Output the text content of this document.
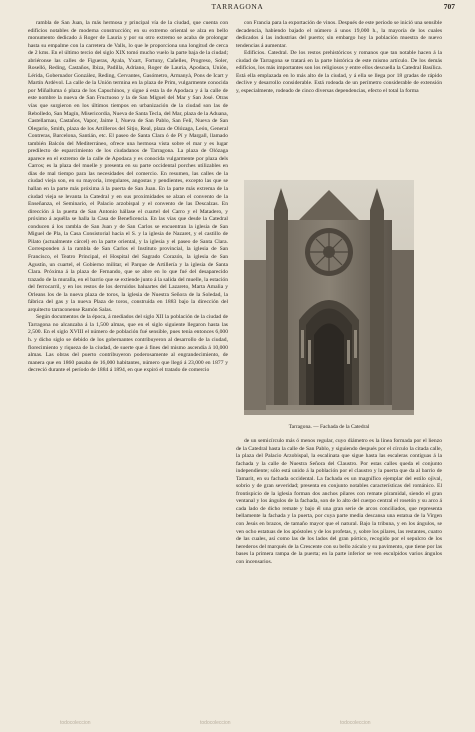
TARRAGONA	707

rambla de San Juan, la más hermosa y principal vía de la ciudad, que cuenta con edificios notables de moderna construcción; en su extremo oriental se alza en bello monumento dedicado á Roger de Lauria y por su otro extremo se acaba de prolongar hasta su empalme con la carretera de Valls, lo que le proporciona una longitud de cerca de 2 kms. En el último tercio del siglo XIX tomó mucho vuelo la parte baja de la ciudad; abriéronse las calles de Figueras, Ayala, Yxart, Fortuny, Cañelles, Progreso, Soler, Roselló, Reding, Castaños, Ibiza, Padilla, Adriano, Roger de Lauria, Apodaca, Unión, Lérida, Gobernador González, Reding, Cervantes, Gasómetro, Armanyà, Pons de Icart y Martín Ardèvol. La calle de la Unión termina en la plaza de Prim, vulgarmente conocida por Miñalluma ó plaza de los Capuchinos, y sigue á esta la de Apodaca y á la calle de este nombre la nueva de San Fructuoso y la de San Miguel del Mar y San José. Otras vías que surgieron en los últimos tiempos en urbanización de la ciudad son las de Rebolledo, San Magín, Misericordia, Nueva de Santa Tecla, del Mar, plaza de la Aduana, Castellarnau, Castaños, Vapor, Jaime I, Nueva de San Pablo, San Felí, Nueva de San Olegario, Smith, plaza de los Artilleros del Sitjo, Real, plaza de Olózaga, León, General Contreras, Barcelona, Santián, etc. El paseo de Santa Clara ó de Pí y Margall, llamado también Balcón del Mediterráneo, ofrece una hermosa vista sobre el mar y es lugar predilecto de esparcimiento de los ciudadanos de Tarragona. La plaza de Olózaga aparece en el extremo de la calle de Apodaca y es conocida vulgarmente por plaza dels Carros; es la plaza del muelle y presenta en su parte occidental porches utilizables en días de mal tiempo para las necesidades del comercio. En resumen, las calles de la ciudad vieja son, en su mayoría, irregulares, angostas y pendientes, excepto las que se hallan en la parte más próxima á la puerta de San Juan. En la parte más extrema de la ciudad vieja se levanta la Catedral y en sus proximidades se alzan el convento de la Enseñanza, el Seminario, el Palacio arzobispal y el convento de las Descalzas. En dirección á la puerta de San Antonio hállase el cuartel del Carro y el Matadero, y próximo á aquélla se halla la Casa de Beneficencia. En las vías que desde la Catedral conducen á los rambla de San Juan y de San Carlos se encuentran la iglesia de San Miguel de Pla, la Casa Consistorial hacia el S. y la iglesia de Nazaret, y el castillo de Pilato (actualmente cárcel) en la parte oriental, y la iglesia y el paseo de Santa Clara. Corresponden á la rambla de San Carlos el Instituto provincial, la iglesia de San Francisco, el Teatro Principal, el Hospital del Sagrado Corazón, la iglesia de San Agustín, un cuartel, el Gobierno militar, el Parque de Artillería y la iglesia de Santa Clara. Próxima á la plaza de Fernando, que se abre en lo que fué del desaparecido trazado de la muralla, en el barrio que se extiende junto á la salida del muelle, la estación del ferrocarril, y en los restos de los derruidos baluartes del Lazareto, Marta Amalia y Orleans los de la nueva plaza de toros, la iglesia de Nuestra Señora de la Soledad, la fábrica del gas y la nueva Plaza de toros, construída en 1883 bajo la dirección del arquitecto tarraconense Ramón Salas.

Según documentos de la época, á mediados del siglo XII la población de la ciudad de Tarragona no alcanzaba á la 1,500 almas, que en el siglo siguiente llegaron hasta las 2,500. En el siglo XVIII el número de población fué sensible, pues tenía entonces 6,000 h. y dicho siglo se debido de los gobernantes contribuyeron al desarrollo de la ciudad, florecimiento y riqueza de la ciudad, de suerte que á fines del mismo ascendía á 10,000 almas. Las obras del puerto contribuyeron poderosamente al engrandecimiento, de manera que en 1860 pasaba de 16,000 habitantes, número que llegó á 23,000 en 1877 y decreció durante el período de 1884 á 1894, en que expiró el tratado de comercio

con Francia para la exportación de vinos. Después de este período se inició una sensible decadencia, habiendo bajado el número á unos 19,000 h., la mayoría de los cuales dedicados á las industrias del puerto; sin embargo hoy la población muestra de nuevo tendencias á aumentar.

Edificios. Catedral. De los restos prehistóricos y romanos que tan notable hacen á la ciudad de Tarragona se tratará en la parte histórica de este mismo artículo. De los demás edificios, los más importantes son los religiosos y entre ellos descuella la Catedral Basílica. Está ella emplazada en lo más alto de la ciudad, y á ella se llega por 18 gradas de rápido declive y desarrollo considerable. Está rodeada de un perímetro considerable de extensión y, especialmente, rodeado de cinco diversas dependencias, efecto el total la forma

Tarragona. — Fachada de la Catedral

de un semicírculo más ó menos regular, cuyo diámetro es la línea formada por el lienzo de la Catedral hasta la calle de San Pablo, y siguiendo después por el círculo la citada calle, la plaza del Palacio Arzobispal, la escalinata que sigue hasta las escaleras contiguas á la fachada y la calle de Nuestra Señora del Claustro. Por estas calles queda el conjunto independiente; sólo está unido á la población por el claustro y la puerta que da al barrio de Tamarit, en su fachada occidental. La fachada es un magnífico ejemplar del estilo ojival, sobrio y de gran severidad; presenta en conjunto notables características del románico. El frontispicio de la iglesia forman dos anchos pilares con remate piramidal, siendo el gran ventanal y los ángulos de la fachada, son de lo alto del cuerpo central el rosetón y su arco á cada lado de dicho remate y bajo él una gran serie de arcos conciliados, que representa bellamente la fachada y la puerta, por cuya parte media descansa una estatua de la Virgen con Jesús en brazos, de tamaño mayor que el natural. Bajo la tribuna, y en los ángulos, se ven ocho estatuas de los apóstoles y de los profetas, y, sobre los pilares, las restantes, cuatro de las cuales, así como las de los lados del gran pórtico, recogido por el sepulcro de los herederos del marqués de la Crescente con su bello zócalo y su pavimento, que tiene por las bases la primera rampa de la puerta; en la parte inferior se ven esculpidos varios ángulos con incensarios.

todocoleccion	todocoleccion	todocoleccion
